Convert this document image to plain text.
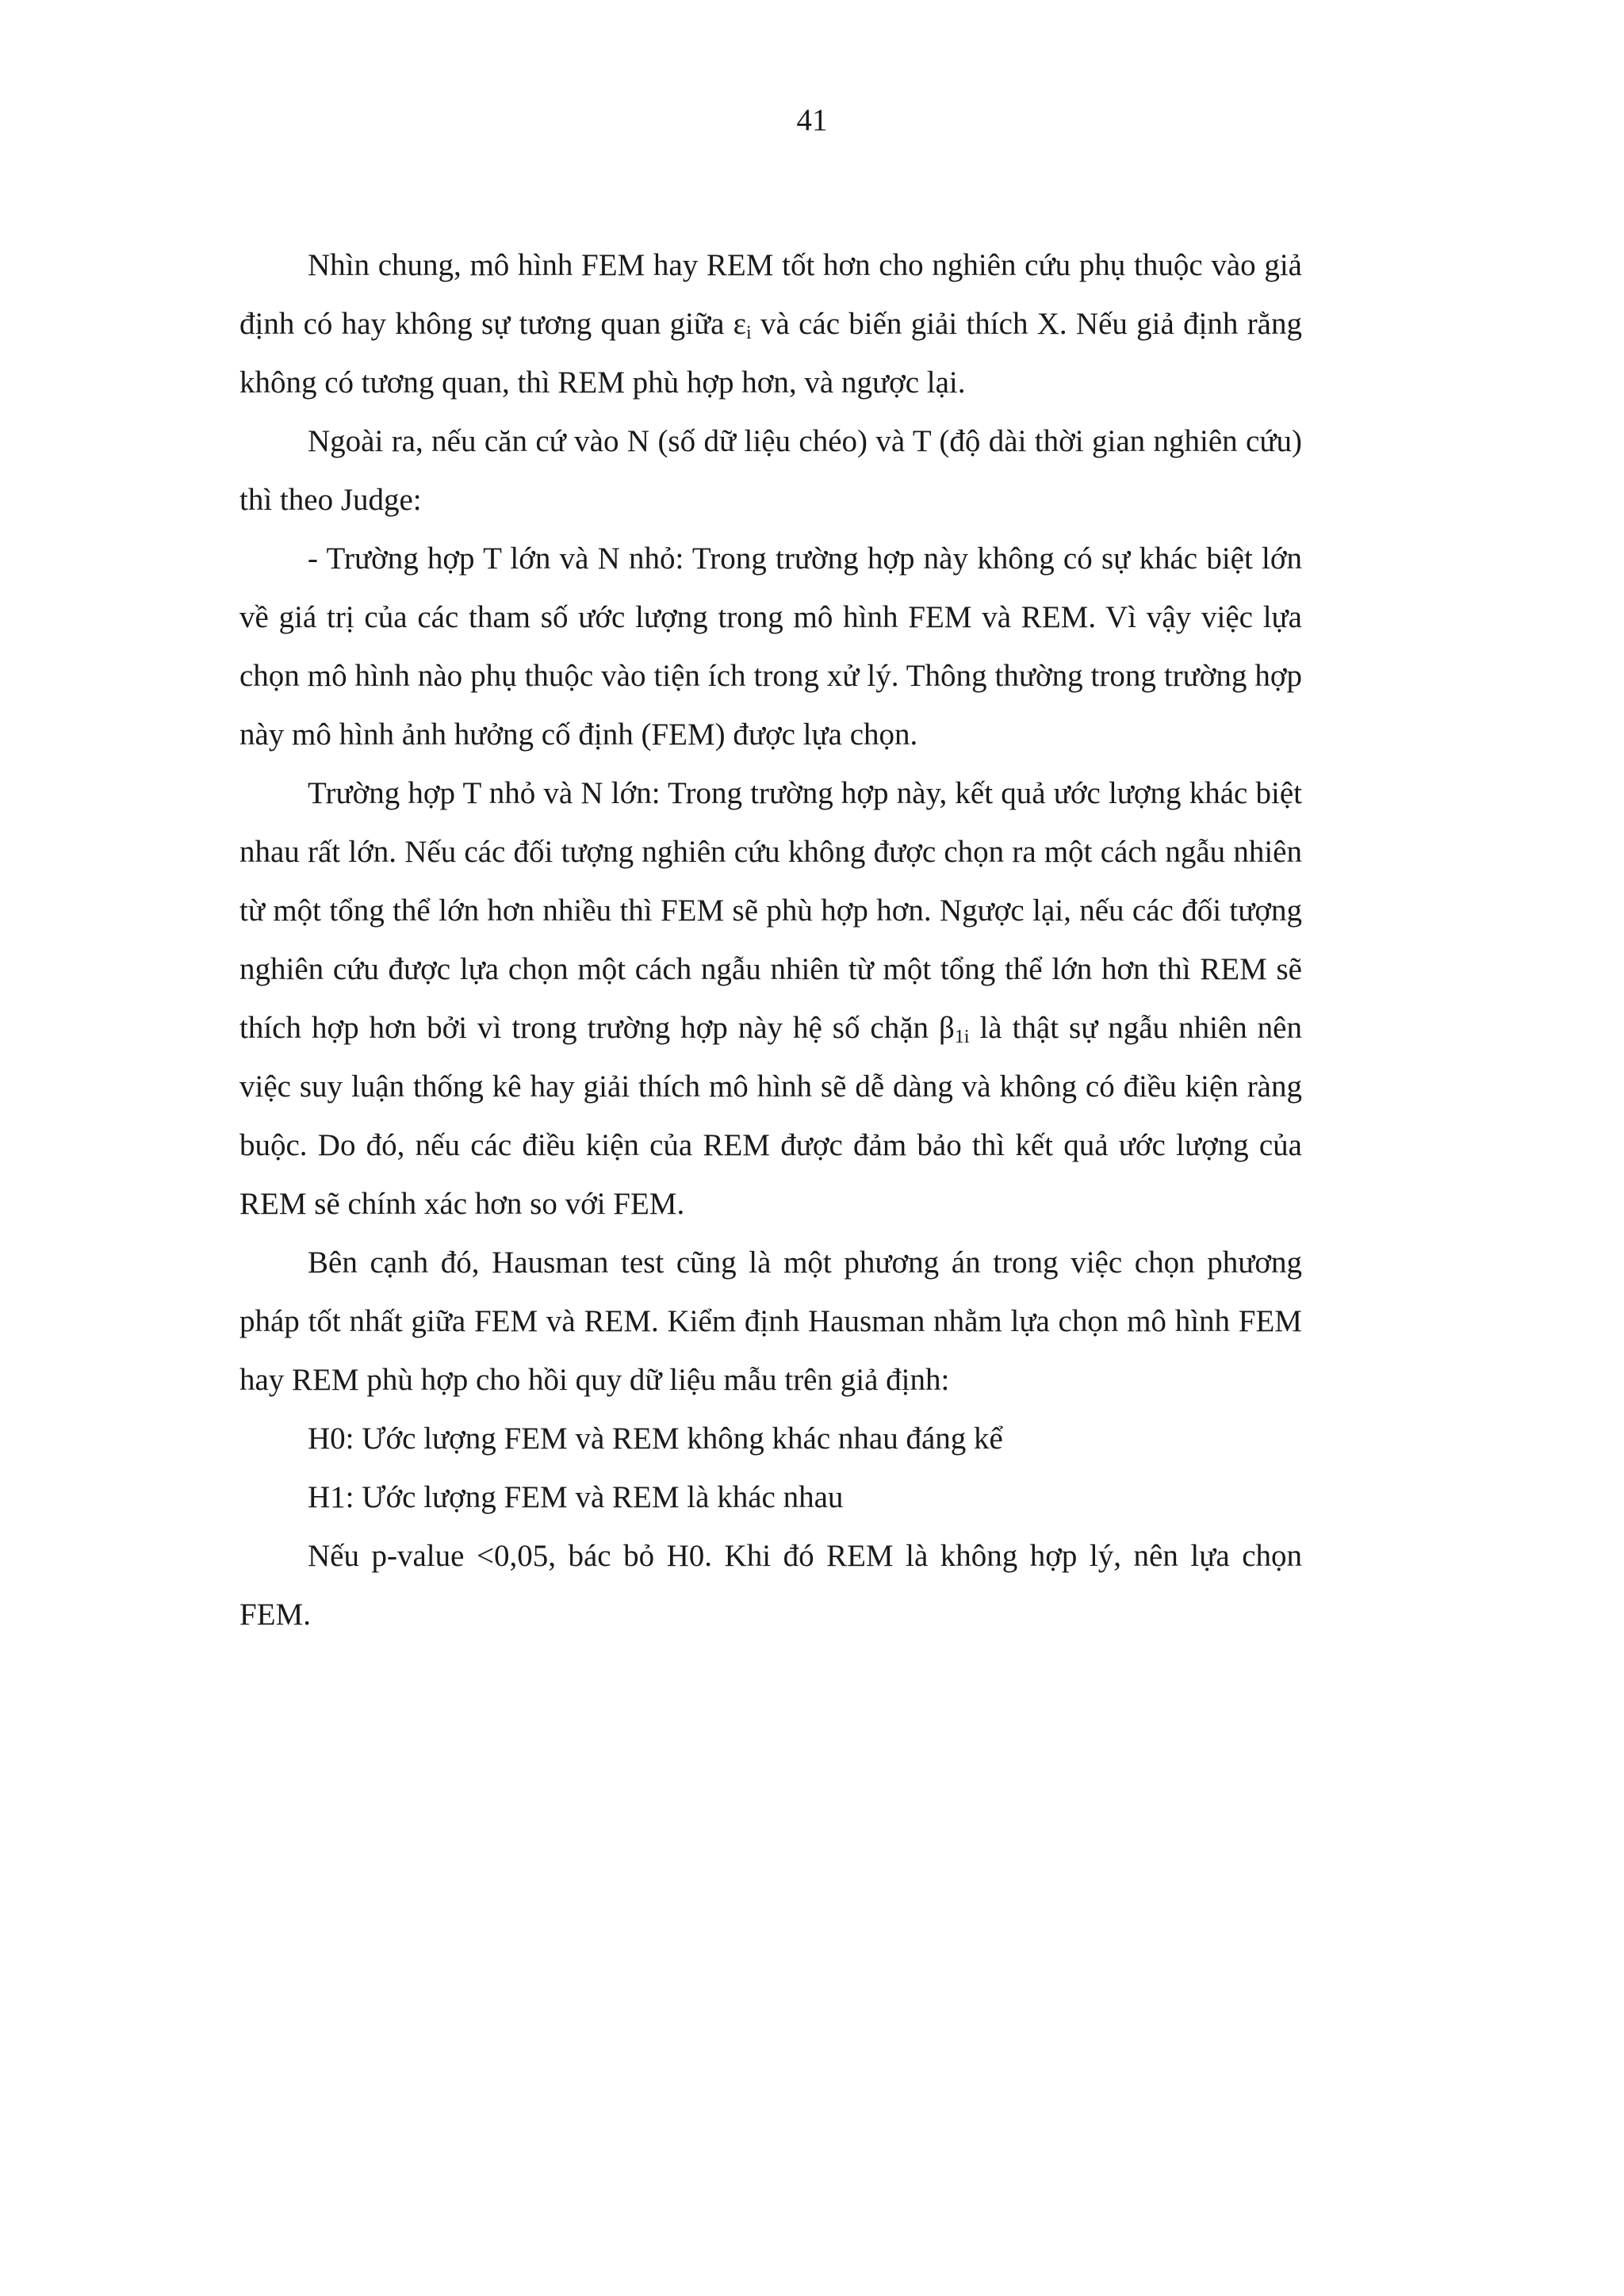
41

Nhìn chung, mô hình FEM hay REM tốt hơn cho nghiên cứu phụ thuộc vào giả định có hay không sự tương quan giữa $\varepsilon_i$ và các biến giải thích X. Nếu giả định rằng không có tương quan, thì REM phù hợp hơn, và ngược lại.

Ngoài ra, nếu căn cứ vào N (số dữ liệu chéo) và T (độ dài thời gian nghiên cứu) thì theo Judge:

- Trường hợp T lớn và N nhỏ: Trong trường hợp này không có sự khác biệt lớn về giá trị của các tham số ước lượng trong mô hình FEM và REM. Vì vậy việc lựa chọn mô hình nào phụ thuộc vào tiện ích trong xử lý. Thông thường trong trường hợp này mô hình ảnh hưởng cố định (FEM) được lựa chọn.

Trường hợp T nhỏ và N lớn: Trong trường hợp này, kết quả ước lượng khác biệt nhau rất lớn. Nếu các đối tượng nghiên cứu không được chọn ra một cách ngẫu nhiên từ một tổng thể lớn hơn nhiều thì FEM sẽ phù hợp hơn. Ngược lại, nếu các đối tượng nghiên cứu được lựa chọn một cách ngẫu nhiên từ một tổng thể lớn hơn thì REM sẽ thích hợp hơn bởi vì trong trường hợp này hệ số chặn $\beta_{1i}$ là thật sự ngẫu nhiên nên việc suy luận thống kê hay giải thích mô hình sẽ dễ dàng và không có điều kiện ràng buộc. Do đó, nếu các điều kiện của REM được đảm bảo thì kết quả ước lượng của REM sẽ chính xác hơn so với FEM.

Bên cạnh đó, Hausman test cũng là một phương án trong việc chọn phương pháp tốt nhất giữa FEM và REM. Kiểm định Hausman nhằm lựa chọn mô hình FEM hay REM phù hợp cho hồi quy dữ liệu mẫu trên giả định:

H0: Ước lượng FEM và REM không khác nhau đáng kể

H1: Ước lượng FEM và REM là khác nhau

Nếu p-value <0,05, bác bỏ H0. Khi đó REM là không hợp lý, nên lựa chọn FEM.
